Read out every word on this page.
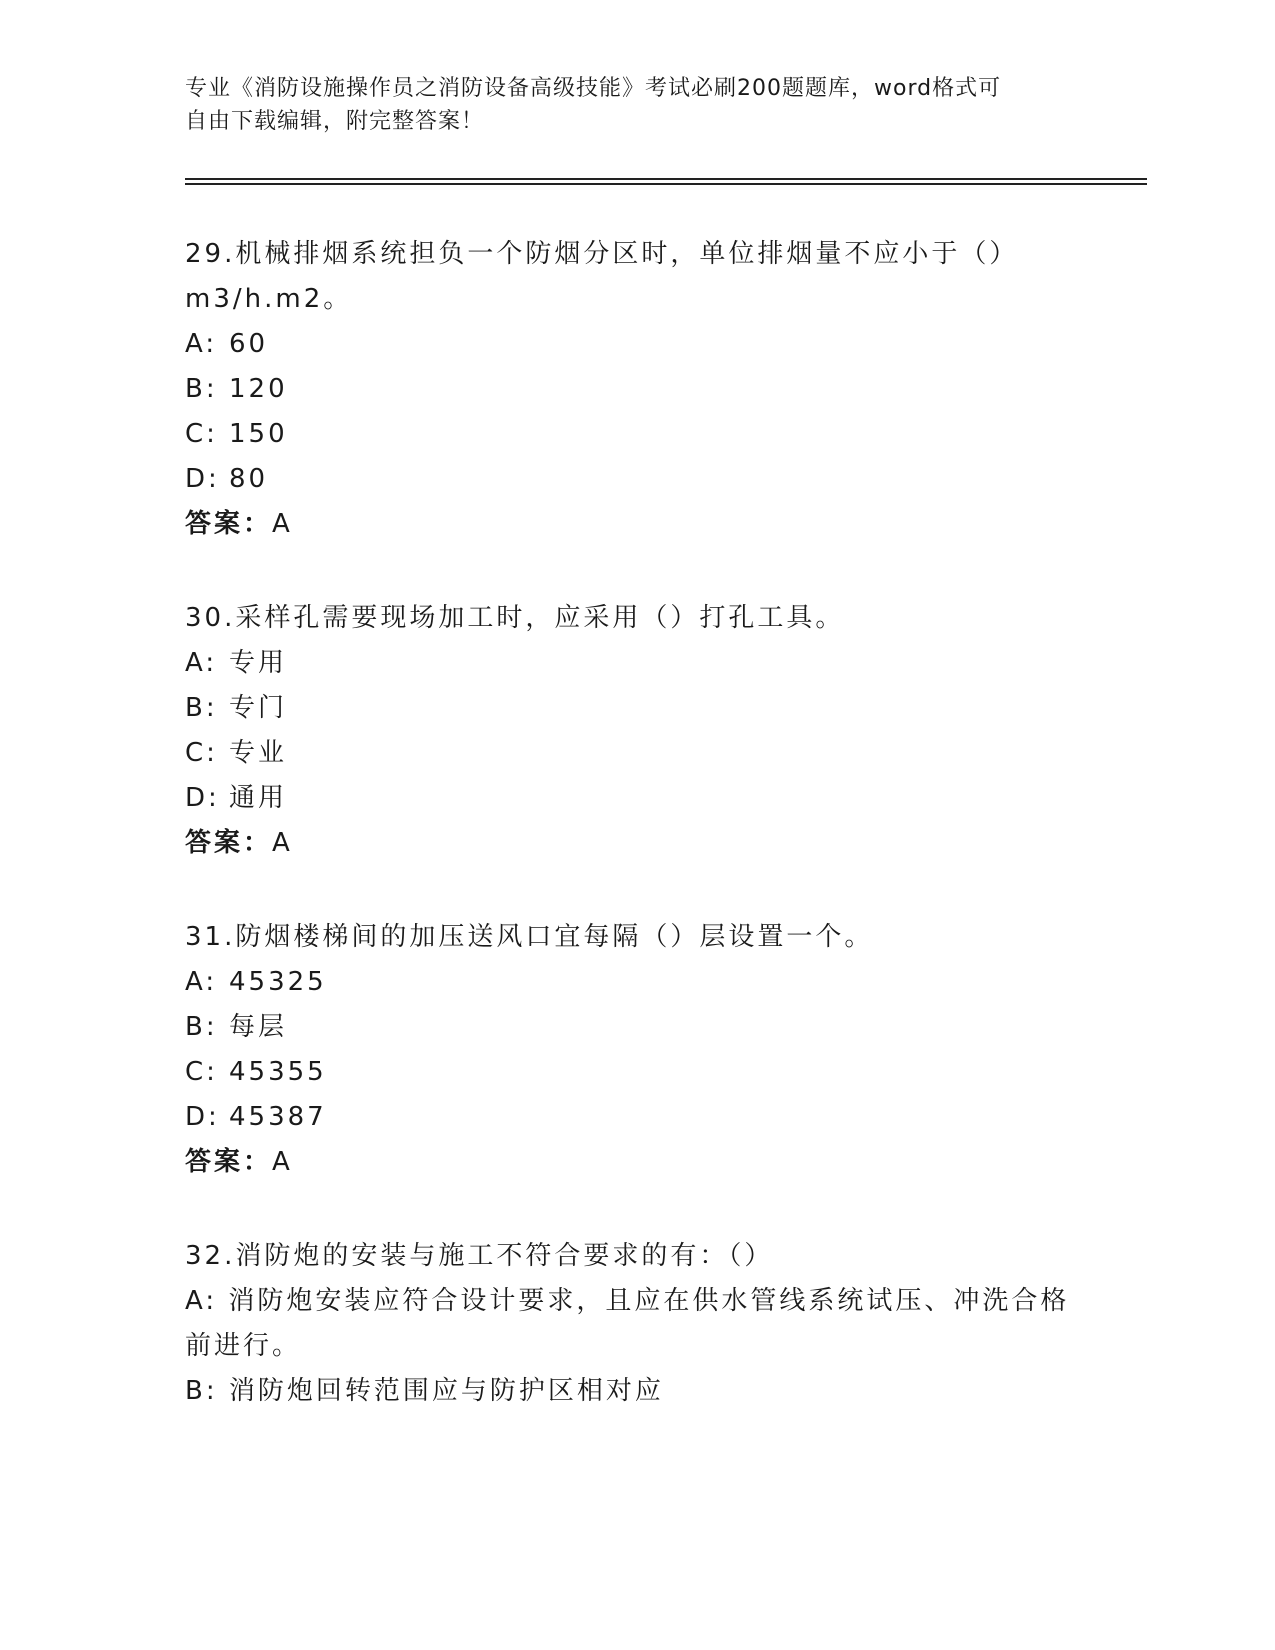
专业《消防设施操作员之消防设备高级技能》考试必刷200题题库，word格式可
自由下载编辑，附完整答案！
29.机械排烟系统担负一个防烟分区时，单位排烟量不应小于（）
m3/h.m2。
A: 60
B: 120
C: 150
D: 80
答案：A
30.采样孔需要现场加工时，应采用（）打孔工具。
A: 专用
B: 专门
C: 专业
D: 通用
答案：A
31.防烟楼梯间的加压送风口宜每隔（）层设置一个。
A: 45325
B: 每层
C: 45355
D: 45387
答案：A
32.消防炮的安装与施工不符合要求的有：（）
A: 消防炮安装应符合设计要求，且应在供水管线系统试压、冲洗合格
前进行。
B: 消防炮回转范围应与防护区相对应
